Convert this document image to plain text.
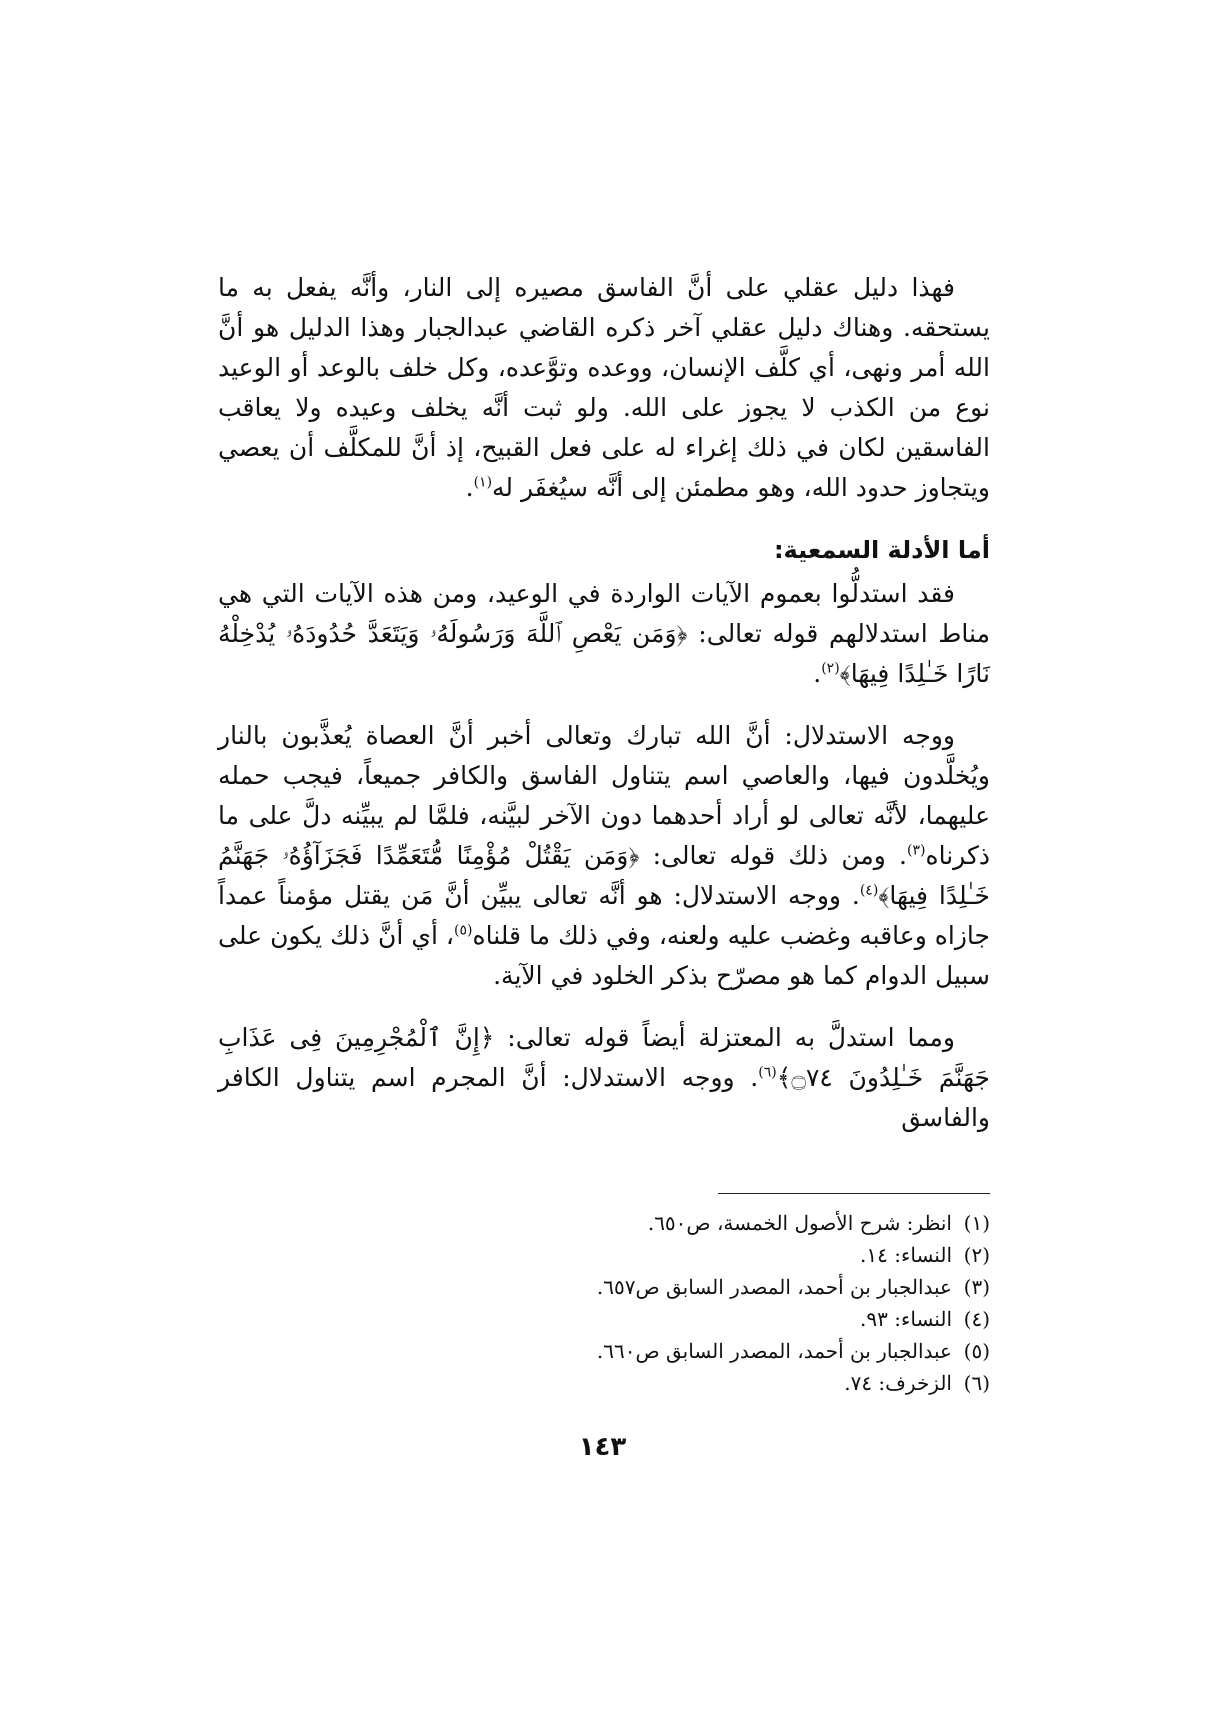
فهذا دليل عقلي على أنَّ الفاسق مصيره إلى النار، وأنَّه يفعل به ما يستحقه. وهناك دليل عقلي آخر ذكره القاضي عبدالجبار وهذا الدليل هو أنَّ الله أمر ونهى، أي كلَّف الإنسان، ووعده وتوَّعده، وكل خلف بالوعد أو الوعيد نوع من الكذب لا يجوز على الله. ولو ثبت أنَّه يخلف وعيده ولا يعاقب الفاسقين لكان في ذلك إغراء له على فعل القبيح، إذ أنَّ للمكلَّف أن يعصي ويتجاوز حدود الله، وهو مطمئن إلى أنَّه سيُغفَر له$^{(١)}$.

أما الأدلة السمعية:

فقد استدلُّوا بعموم الآيات الواردة في الوعيد، ومن هذه الآيات التي هي مناط استدلالهم قوله تعالى: ﴿وَمَن يَعْصِ ٱللَّهَ وَرَسُولَهُۥ وَيَتَعَدَّ حُدُودَهُۥ يُدْخِلْهُ نَارًا خَـٰلِدًا فِيهَا﴾$^{(٢)}$.

ووجه الاستدلال: أنَّ الله تبارك وتعالى أخبر أنَّ العصاة يُعذَّبون بالنار ويُخلَّدون فيها، والعاصي اسم يتناول الفاسق والكافر جميعاً، فيجب حمله عليهما، لأنَّه تعالى لو أراد أحدهما دون الآخر لبيَّنه، فلمَّا لم يبيِّنه دلَّ على ما ذكرناه$^{(٣)}$. ومن ذلك قوله تعالى: ﴿وَمَن يَقْتُلْ مُؤْمِنًا مُّتَعَمِّدًا فَجَزَآؤُهُۥ جَهَنَّمُ خَـٰلِدًا فِيهَا﴾$^{(٤)}$. ووجه الاستدلال: هو أنَّه تعالى يبيِّن أنَّ مَن يقتل مؤمناً عمداً جازاه وعاقبه وغضب عليه ولعنه، وفي ذلك ما قلناه$^{(٥)}$، أي أنَّ ذلك يكون على سبيل الدوام كما هو مصرّح بذكر الخلود في الآية.

ومما استدلَّ به المعتزلة أيضاً قوله تعالى: ﴿إِنَّ ٱلْمُجْرِمِينَ فِى عَذَابِ جَهَنَّمَ خَـٰلِدُونَ ۝٧٤﴾$^{(٦)}$. ووجه الاستدلال: أنَّ المجرم اسم يتناول الكافر والفاسق

(١)انظر: شرح الأصول الخمسة، ص٦٥٠.
(٢)النساء: ١٤.
(٣)عبدالجبار بن أحمد، المصدر السابق ص٦٥٧.
(٤)النساء: ٩٣.
(٥)عبدالجبار بن أحمد، المصدر السابق ص٦٦٠.
(٦)الزخرف: ٧٤.
١٤٣
